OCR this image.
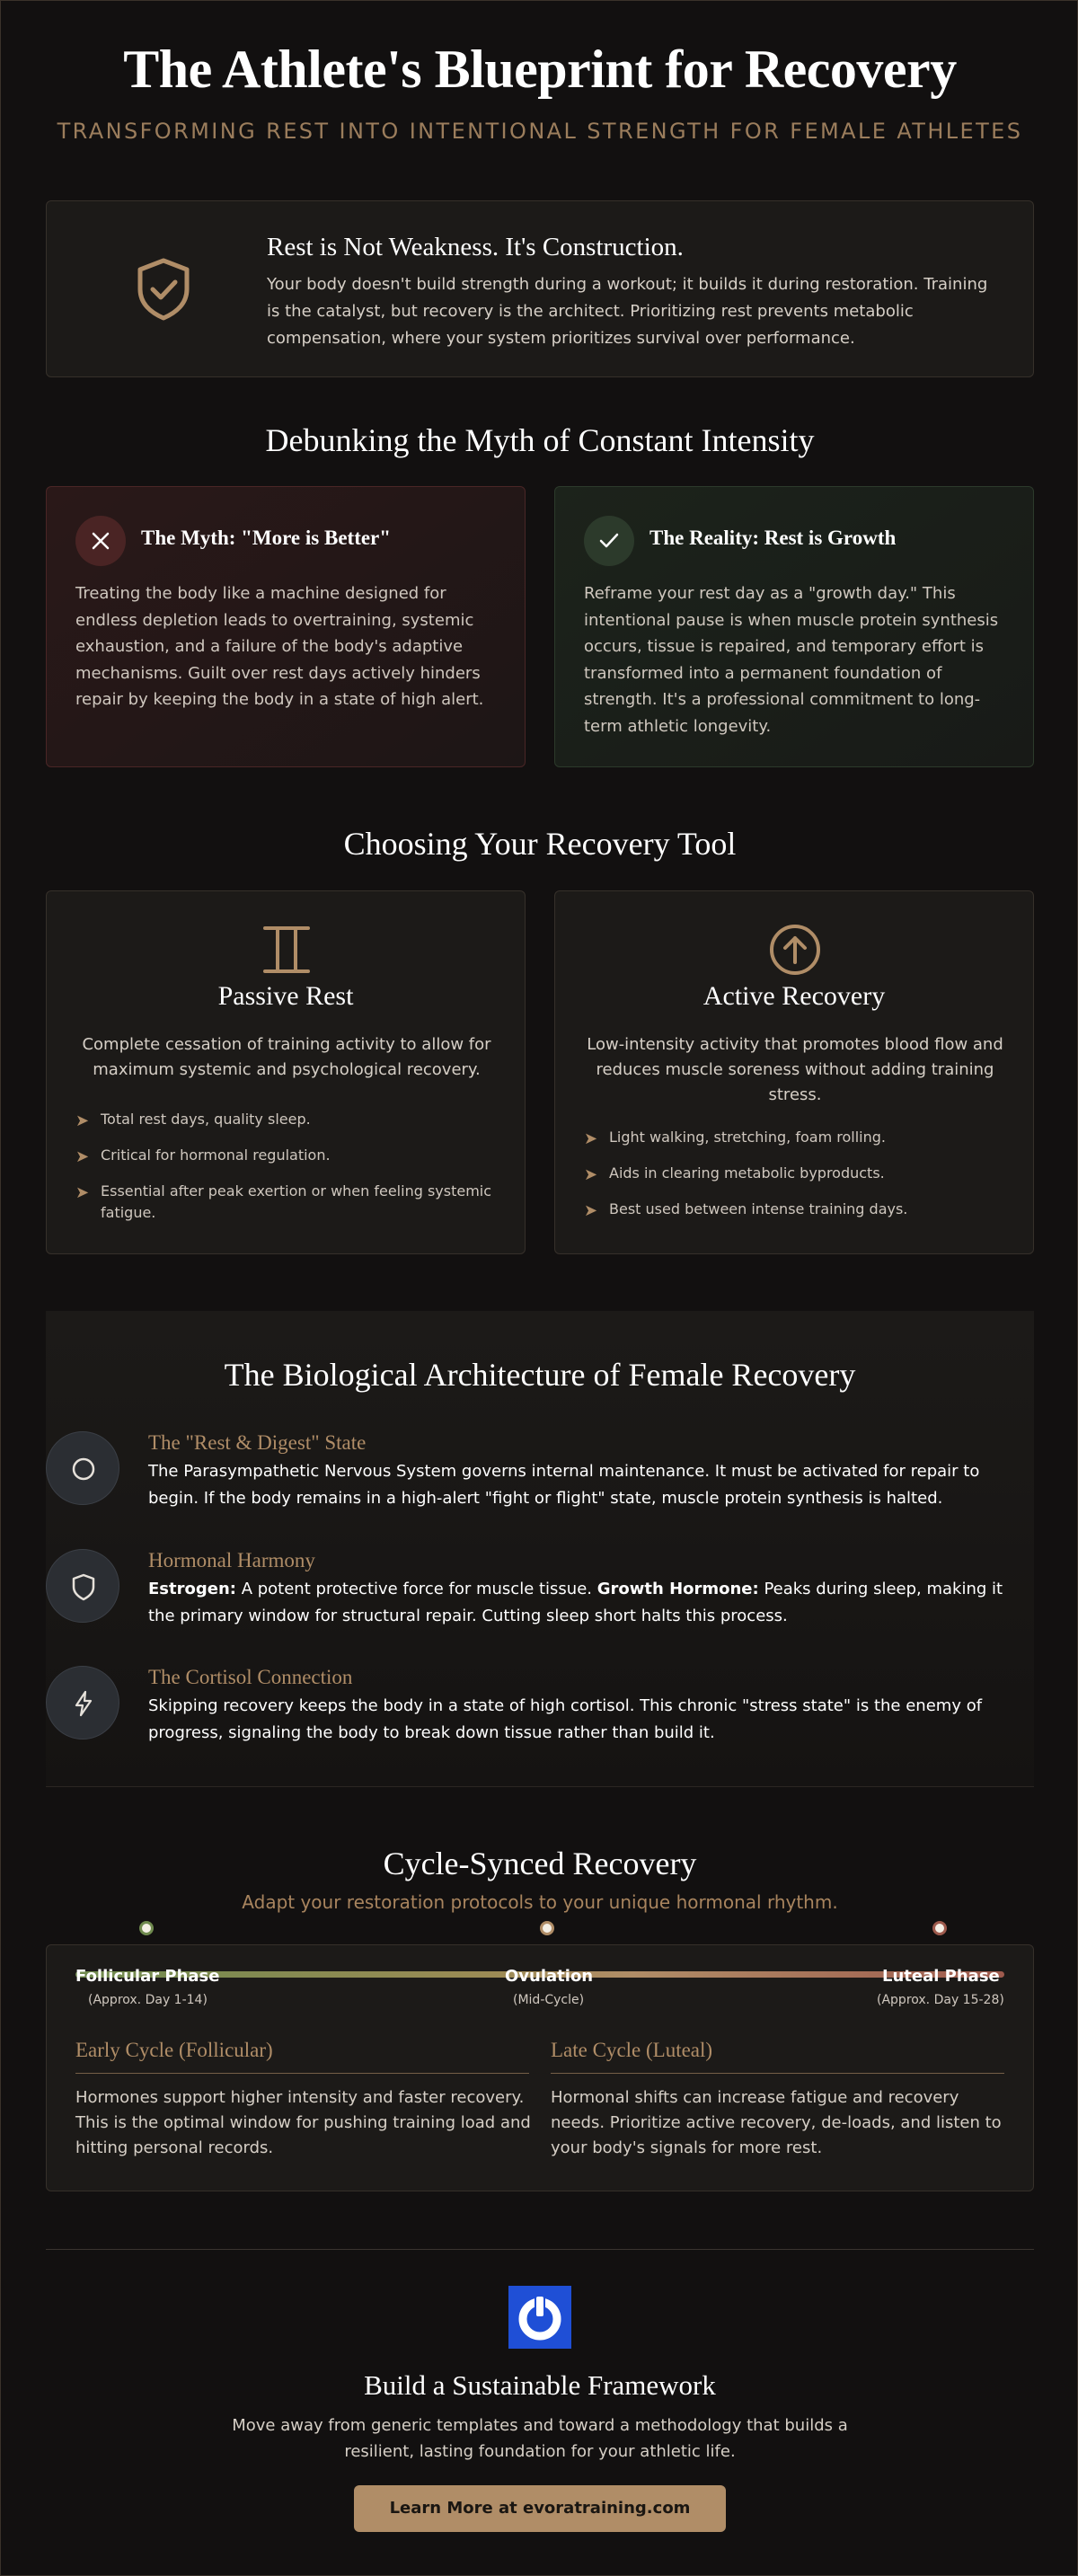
The Athlete's Blueprint for Recovery
TRANSFORMING REST INTO INTENTIONAL STRENGTH FOR FEMALE ATHLETES
Rest is Not Weakness. It's Construction.

Your body doesn't build strength during a workout; it builds it during restoration. Training is the catalyst, but recovery is the architect. Prioritizing rest prevents metabolic compensation, where your system prioritizes survival over performance.

Debunking the Myth of Constant Intensity
The Myth: "More is Better"
Treating the body like a machine designed for endless depletion leads to overtraining, systemic exhaustion, and a failure of the body's adaptive mechanisms. Guilt over rest days actively hinders repair by keeping the body in a state of high alert.
The Reality: Rest is Growth
Reframe your rest day as a "growth day." This intentional pause is when muscle protein synthesis occurs, tissue is repaired, and temporary effort is transformed into a permanent foundation of strength. It's a professional commitment to long-term athletic longevity.
Choosing Your Recovery Tool
Passive Rest
Complete cessation of training activity to allow for maximum systemic and psychological recovery.
➤ Total rest days, quality sleep.
➤ Critical for hormonal regulation.
➤ Essential after peak exertion or when feeling systemic fatigue.
Active Recovery
Low-intensity activity that promotes blood flow and reduces muscle soreness without adding training stress.
➤ Light walking, stretching, foam rolling.
➤ Aids in clearing metabolic byproducts.
➤ Best used between intense training days.
The Biological Architecture of Female Recovery
The "Rest & Digest" State

The Parasympathetic Nervous System governs internal maintenance. It must be activated for repair to begin. If the body remains in a high-alert "fight or flight" state, muscle protein synthesis is halted.

Hormonal Harmony

Estrogen: A potent protective force for muscle tissue. Growth Hormone: Peaks during sleep, making it the primary window for structural repair. Cutting sleep short halts this process.

The Cortisol Connection

Skipping recovery keeps the body in a state of high cortisol. This chronic "stress state" is the enemy of progress, signaling the body to break down tissue rather than build it.

Cycle-Synced Recovery
Adapt your restoration protocols to your unique hormonal rhythm.
Follicular Phase
(Approx. Day 1-14)
Ovulation
(Mid-Cycle)
Luteal Phase
(Approx. Day 15-28)
Early Cycle (Follicular)
Hormones support higher intensity and faster recovery. This is the optimal window for pushing training load and hitting personal records.
Late Cycle (Luteal)
Hormonal shifts can increase fatigue and recovery needs. Prioritize active recovery, de-loads, and listen to your body's signals for more rest.
Build a Sustainable Framework
Move away from generic templates and toward a methodology that builds a resilient, lasting foundation for your athletic life.
Learn More at evoratraining.com
